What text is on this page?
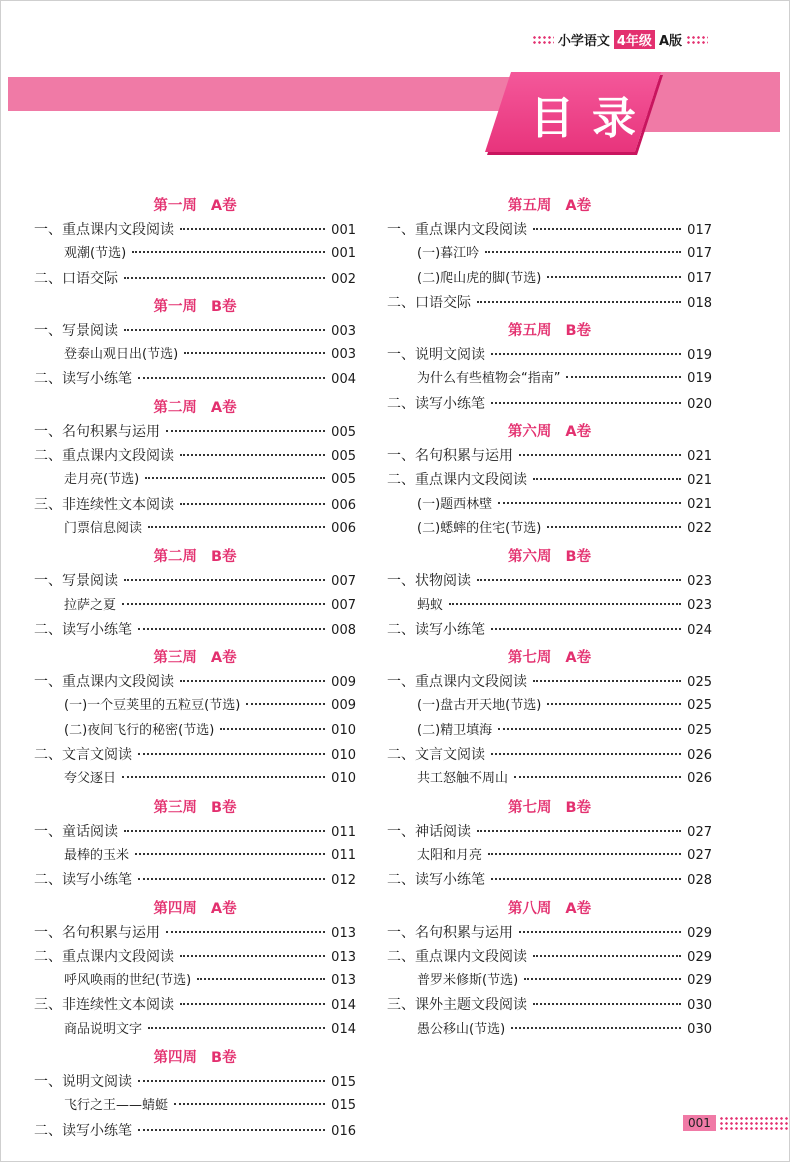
小学语文 4年级 A版
目录
第一周 A卷
一、重点课内文段阅读	001
观潮(节选)	001
二、口语交际	002
第一周 B卷
一、写景阅读	003
登泰山观日出(节选)	003
二、读写小练笔	004
第二周 A卷
一、名句积累与运用	005
二、重点课内文段阅读	005
走月亮(节选)	005
三、非连续性文本阅读	006
门票信息阅读	006
第二周 B卷
一、写景阅读	007
拉萨之夏	007
二、读写小练笔	008
第三周 A卷
一、重点课内文段阅读	009
(一)一个豆荚里的五粒豆(节选)	009
(二)夜间飞行的秘密(节选)	010
二、文言文阅读	010
夸父逐日	010
第三周 B卷
一、童话阅读	011
最棒的玉米	011
二、读写小练笔	012
第四周 A卷
一、名句积累与运用	013
二、重点课内文段阅读	013
呼风唤雨的世纪(节选)	013
三、非连续性文本阅读	014
商品说明文字	014
第四周 B卷
一、说明文阅读	015
飞行之王——蜻蜓	015
二、读写小练笔	016
第五周 A卷
一、重点课内文段阅读	017
(一)暮江吟	017
(二)爬山虎的脚(节选)	017
二、口语交际	018
第五周 B卷
一、说明文阅读	019
为什么有些植物会“指南”	019
二、读写小练笔	020
第六周 A卷
一、名句积累与运用	021
二、重点课内文段阅读	021
(一)题西林壁	021
(二)蟋蟀的住宅(节选)	022
第六周 B卷
一、状物阅读	023
蚂蚁	023
二、读写小练笔	024
第七周 A卷
一、重点课内文段阅读	025
(一)盘古开天地(节选)	025
(二)精卫填海	025
二、文言文阅读	026
共工怒触不周山	026
第七周 B卷
一、神话阅读	027
太阳和月亮	027
二、读写小练笔	028
第八周 A卷
一、名句积累与运用	029
二、重点课内文段阅读	029
普罗米修斯(节选)	029
三、课外主题文段阅读	030
愚公移山(节选)	030
001
